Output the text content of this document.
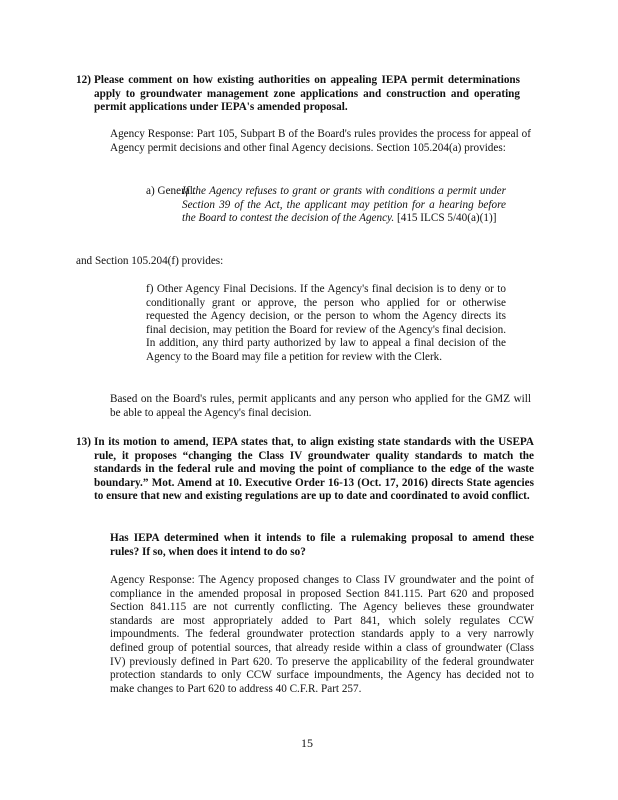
12) Please comment on how existing authorities on appealing IEPA permit determinations apply to groundwater management zone applications and construction and operating permit applications under IEPA's amended proposal.

Agency Response: Part 105, Subpart B of the Board's rules provides the process for appeal of Agency permit decisions and other final Agency decisions. Section 105.204(a) provides:

a) General.

If the Agency refuses to grant or grants with conditions a permit under Section 39 of the Act, the applicant may petition for a hearing before the Board to contest the decision of the Agency. [415 ILCS 5/40(a)(1)]

and Section 105.204(f) provides:

f) Other Agency Final Decisions. If the Agency's final decision is to deny or to conditionally grant or approve, the person who applied for or otherwise requested the Agency decision, or the person to whom the Agency directs its final decision, may petition the Board for review of the Agency's final decision. In addition, any third party authorized by law to appeal a final decision of the Agency to the Board may file a petition for review with the Clerk.

Based on the Board's rules, permit applicants and any person who applied for the GMZ will be able to appeal the Agency's final decision.

13) In its motion to amend, IEPA states that, to align existing state standards with the USEPA rule, it proposes “changing the Class IV groundwater quality standards to match the standards in the federal rule and moving the point of compliance to the edge of the waste boundary.” Mot. Amend at 10. Executive Order 16-13 (Oct. 17, 2016) directs State agencies to ensure that new and existing regulations are up to date and coordinated to avoid conflict.

Has IEPA determined when it intends to file a rulemaking proposal to amend these rules? If so, when does it intend to do so?

Agency Response: The Agency proposed changes to Class IV groundwater and the point of compliance in the amended proposal in proposed Section 841.115. Part 620 and proposed Section 841.115 are not currently conflicting. The Agency believes these groundwater standards are most appropriately added to Part 841, which solely regulates CCW impoundments. The federal groundwater protection standards apply to a very narrowly defined group of potential sources, that already reside within a class of groundwater (Class IV) previously defined in Part 620. To preserve the applicability of the federal groundwater protection standards to only CCW surface impoundments, the Agency has decided not to make changes to Part 620 to address 40 C.F.R. Part 257.

15
